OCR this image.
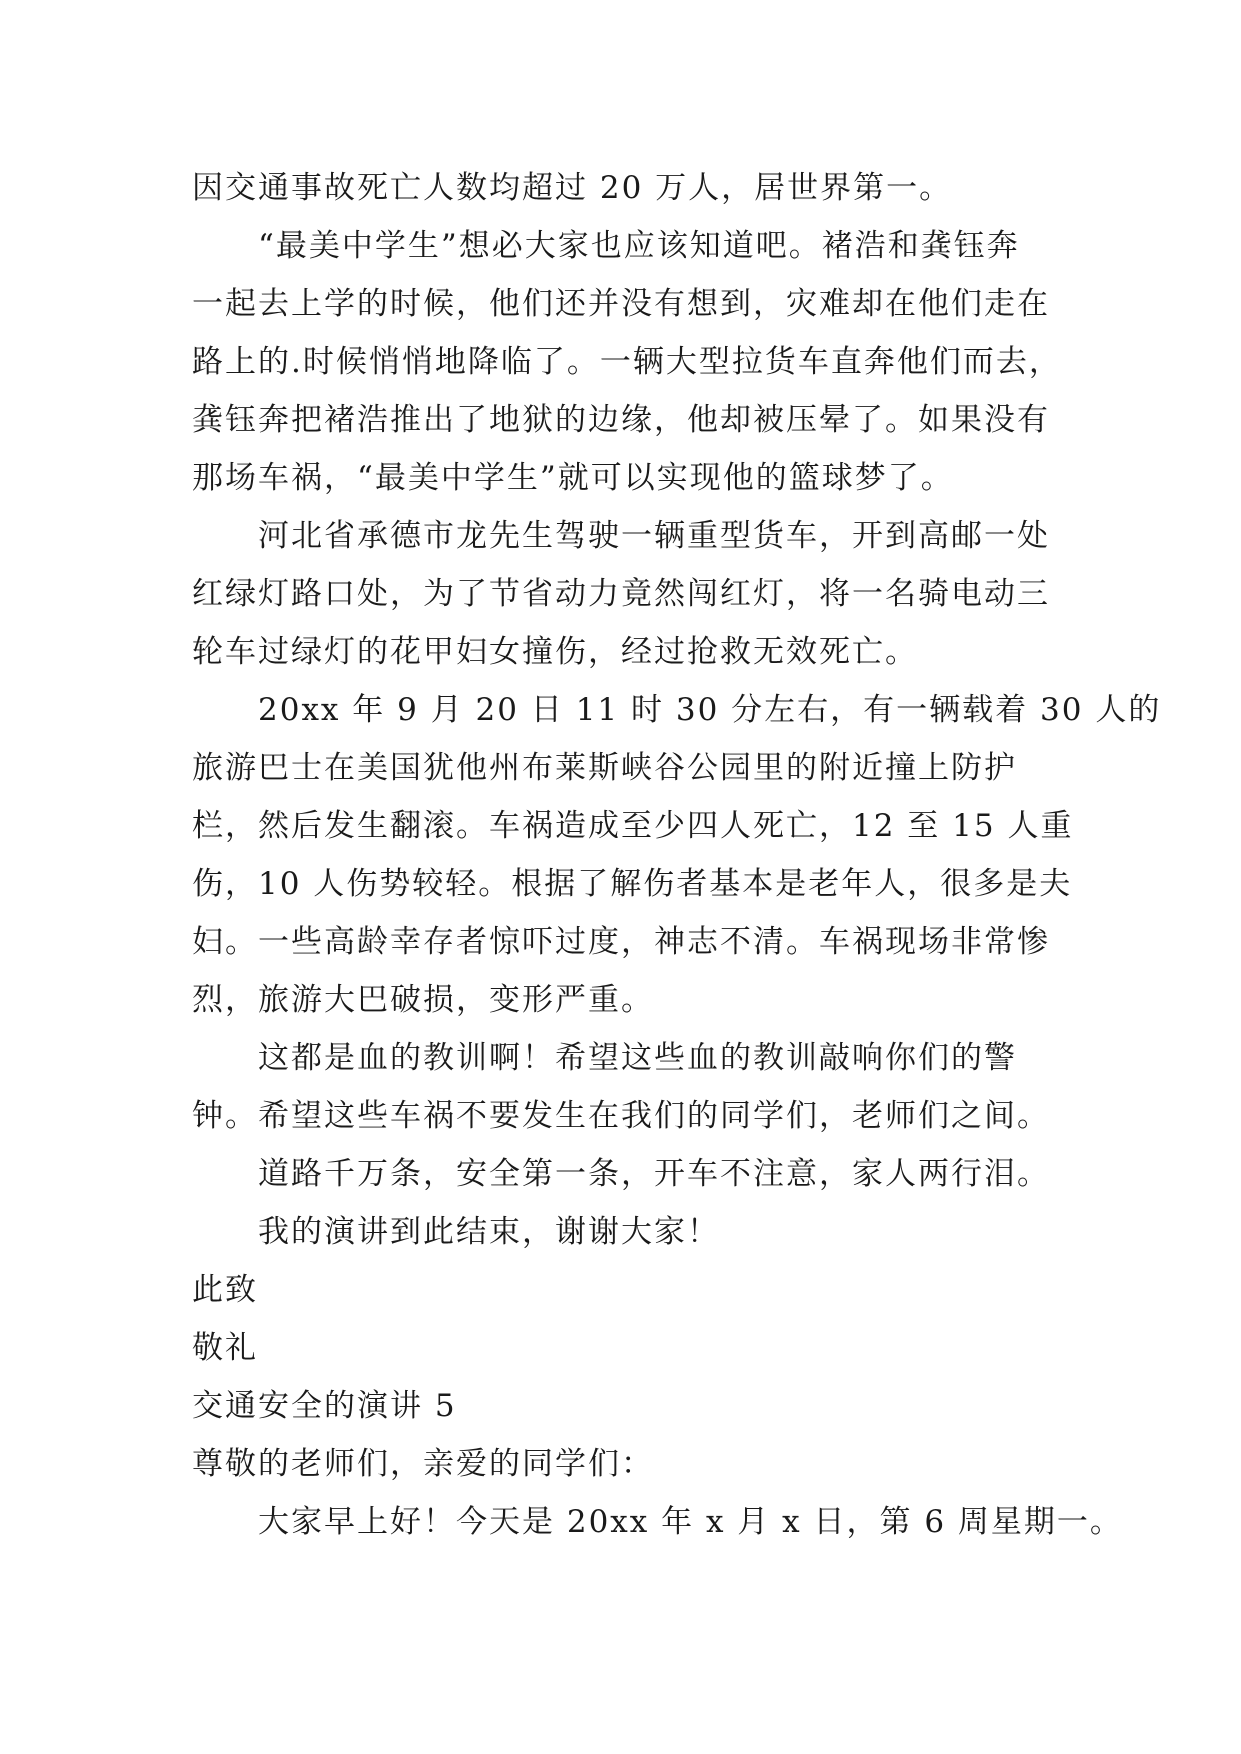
因交通事故死亡人数均超过 20 万人，居世界第一。
“最美中学生”想必大家也应该知道吧。褚浩和龚钰奔
一起去上学的时候，他们还并没有想到，灾难却在他们走在
路上的.时候悄悄地降临了。一辆大型拉货车直奔他们而去，
龚钰奔把褚浩推出了地狱的边缘，他却被压晕了。如果没有
那场车祸，“最美中学生”就可以实现他的篮球梦了。
河北省承德市龙先生驾驶一辆重型货车，开到高邮一处
红绿灯路口处，为了节省动力竟然闯红灯，将一名骑电动三
轮车过绿灯的花甲妇女撞伤，经过抢救无效死亡。
20xx 年 9 月 20 日 11 时 30 分左右，有一辆载着 30 人的
旅游巴士在美国犹他州布莱斯峡谷公园里的附近撞上防护
栏，然后发生翻滚。车祸造成至少四人死亡，12 至 15 人重
伤，10 人伤势较轻。根据了解伤者基本是老年人，很多是夫
妇。一些高龄幸存者惊吓过度，神志不清。车祸现场非常惨
烈，旅游大巴破损，变形严重。
这都是血的教训啊！希望这些血的教训敲响你们的警
钟。希望这些车祸不要发生在我们的同学们，老师们之间。
道路千万条，安全第一条，开车不注意，家人两行泪。
我的演讲到此结束，谢谢大家！
此致
敬礼
交通安全的演讲 5
尊敬的老师们，亲爱的同学们：
大家早上好！今天是 20xx 年 x 月 x 日，第 6 周星期一。
